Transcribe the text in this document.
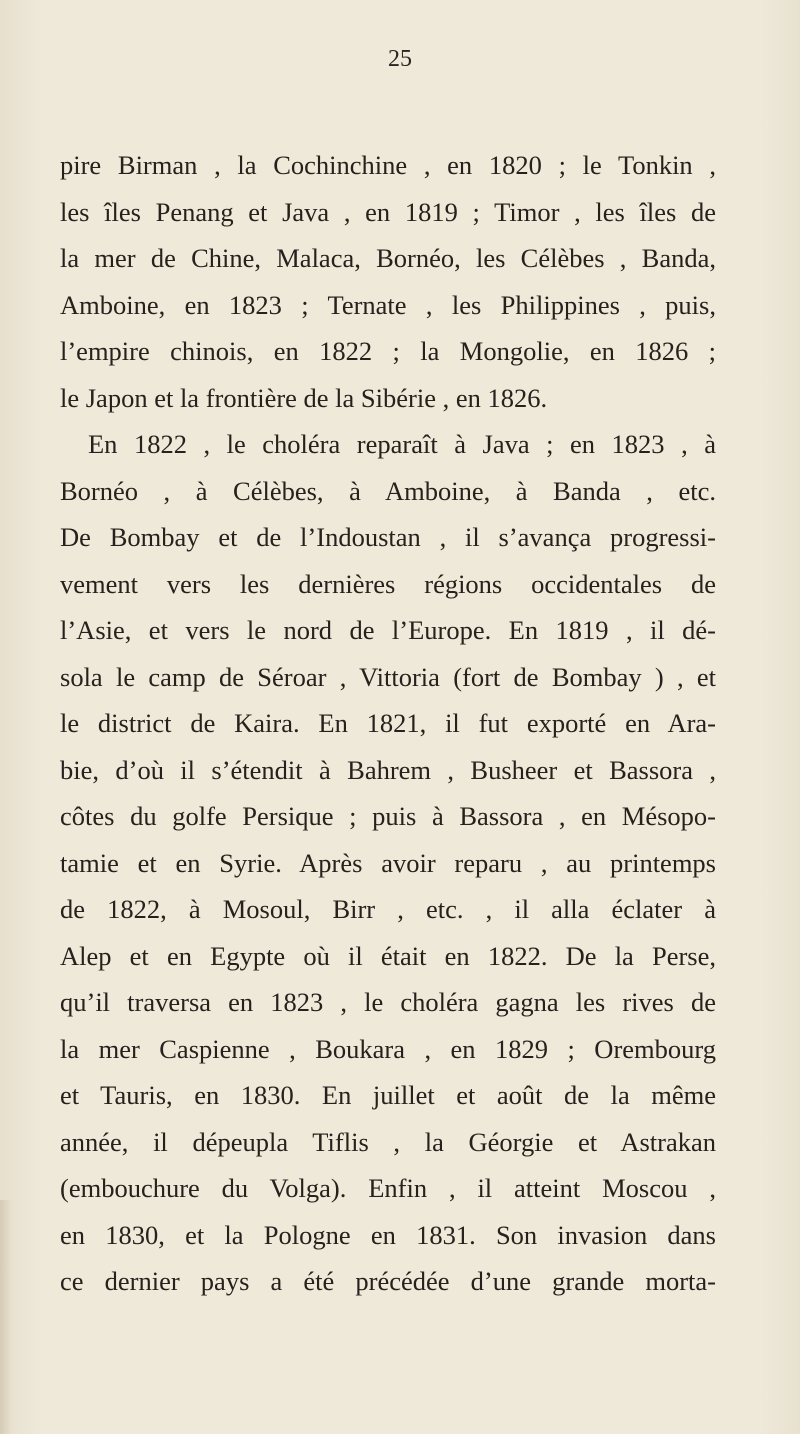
25
pire Birman , la Cochinchine , en 1820 ; le Tonkin ,
les îles Penang et Java , en 1819 ; Timor , les îles de
la mer de Chine, Malaca, Bornéo, les Célèbes , Banda,
Amboine, en 1823 ; Ternate , les Philippines , puis,
l’empire chinois, en 1822 ; la Mongolie, en 1826 ;
le Japon et la frontière de la Sibérie , en 1826.
En 1822 , le choléra reparaît à Java ; en 1823 , à
Bornéo , à Célèbes, à Amboine, à Banda , etc.
De Bombay et de l’Indoustan , il s’avança progressi-
vement vers les dernières régions occidentales de
l’Asie, et vers le nord de l’Europe. En 1819 , il dé-
sola le camp de Séroar , Vittoria (fort de Bombay ) , et
le district de Kaira. En 1821, il fut exporté en Ara-
bie, d’où il s’étendit à Bahrem , Busheer et Bassora ,
côtes du golfe Persique ; puis à Bassora , en Mésopo-
tamie et en Syrie. Après avoir reparu , au printemps
de 1822, à Mosoul, Birr , etc. , il alla éclater à
Alep et en Egypte où il était en 1822. De la Perse,
qu’il traversa en 1823 , le choléra gagna les rives de
la mer Caspienne , Boukara , en 1829 ; Orembourg
et Tauris, en 1830. En juillet et août de la même
année, il dépeupla Tiflis , la Géorgie et Astrakan
(embouchure du Volga). Enfin , il atteint Moscou ,
en 1830, et la Pologne en 1831. Son invasion dans
ce dernier pays a été précédée d’une grande morta-
